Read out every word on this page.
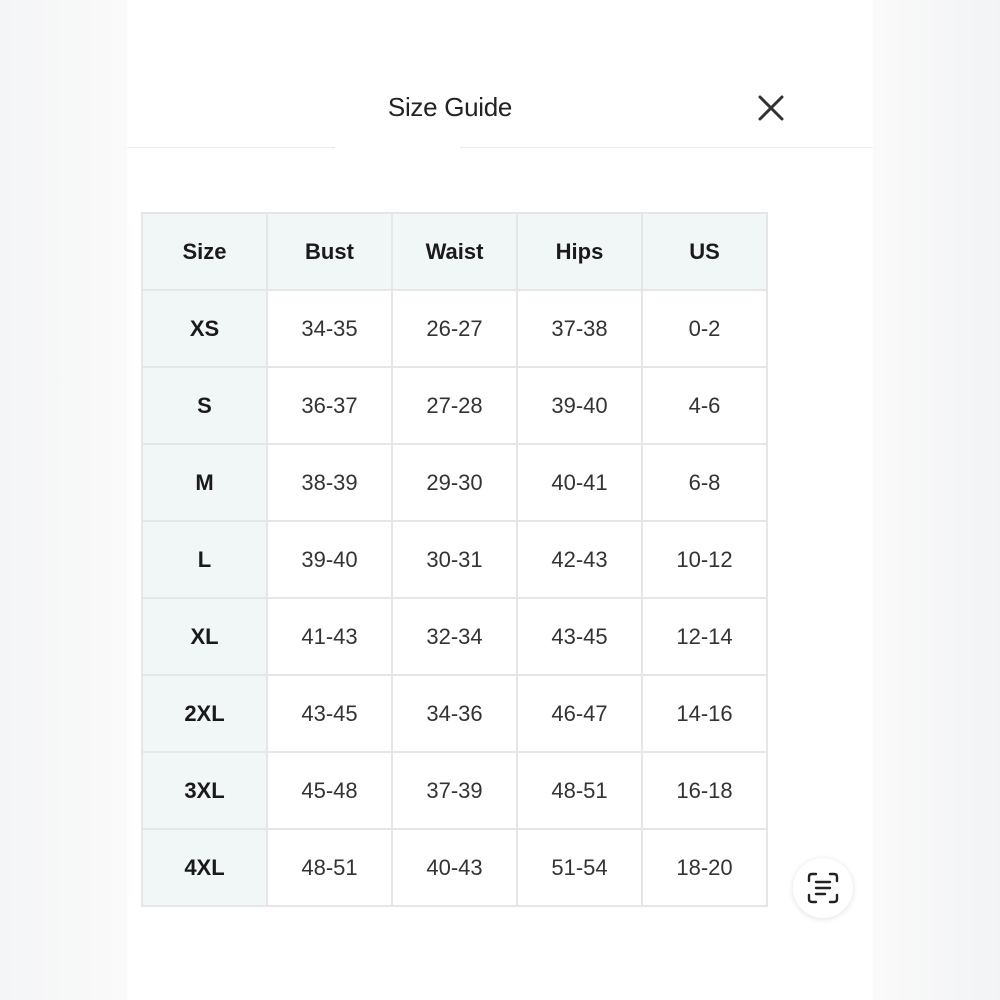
Size Guide
Size	Bust	Waist	Hips	US
XS	34-35	26-27	37-38	0-2
S	36-37	27-28	39-40	4-6
M	38-39	29-30	40-41	6-8
L	39-40	30-31	42-43	10-12
XL	41-43	32-34	43-45	12-14
2XL	43-45	34-36	46-47	14-16
3XL	45-48	37-39	48-51	16-18
4XL	48-51	40-43	51-54	18-20
